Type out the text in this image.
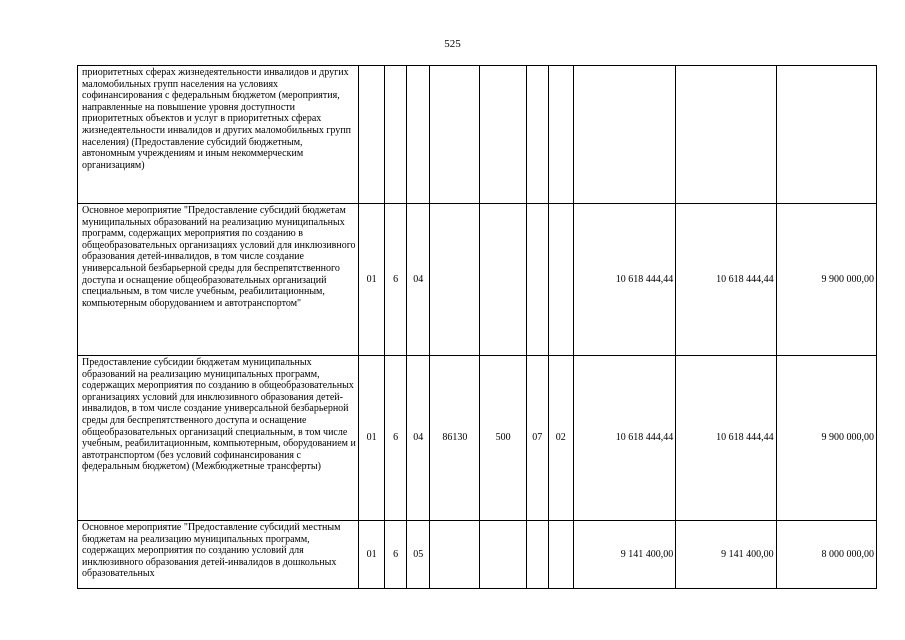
525
приоритетных сферах жизнедеятельности инвалидов и других маломобильных групп населения на условиях софинансирования с федеральным бюджетом (мероприятия, направленные на повышение уровня доступности приоритетных объектов и услуг в приоритетных сферах жизнедеятельности инвалидов и других маломобильных групп населения) (Предоставление субсидий бюджетным, автономным учреждениям и иным некоммерческим организациям)										
Основное мероприятие "Предоставление субсидий бюджетам муниципальных образований на реализацию муниципальных программ, содержащих мероприятия по созданию в общеобразовательных организациях условий для инклюзивного образования детей-инвалидов, в том числе создание универсальной безбарьерной среды для беспрепятственного доступа и оснащение общеобразовательных организаций специальным, в том числе учебным, реабилитационным, компьютерным оборудованием и автотранспортом"	01	6	04					10 618 444,44	10 618 444,44	9 900 000,00
Предоставление субсидии бюджетам муниципальных образований на реализацию муниципальных программ, содержащих мероприятия по созданию в общеобразовательных организациях условий для инклюзивного образования детей-инвалидов, в том числе создание универсальной безбарьерной среды для беспрепятственного доступа и оснащение общеобразовательных организаций специальным, в том числе учебным, реабилитационным, компьютерным, оборудованием и автотранспортом (без условий софинансирования с федеральным бюджетом) (Межбюджетные трансферты)	01	6	04	86130	500	07	02	10 618 444,44	10 618 444,44	9 900 000,00
Основное мероприятие "Предоставление субсидий местным бюджетам на реализацию муниципальных программ, содержащих мероприятия по созданию условий для инклюзивного образования детей-инвалидов в дошкольных образовательных	01	6	05					9 141 400,00	9 141 400,00	8 000 000,00
